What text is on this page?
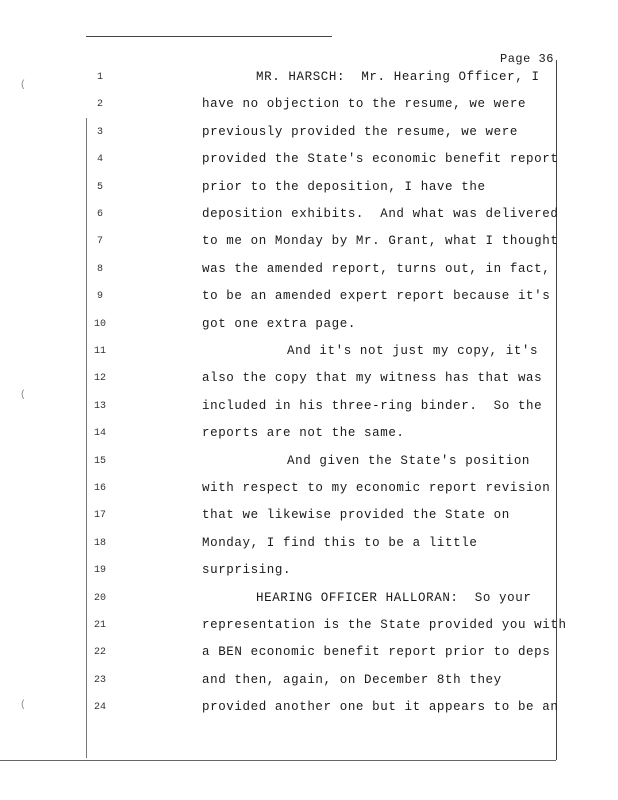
Page 36
1	MR. HARSCH:  Mr. Hearing Officer, I
2	have no objection to the resume, we were
3	previously provided the resume, we were
4	provided the State's economic benefit report
5	prior to the deposition, I have the
6	deposition exhibits.  And what was delivered
7	to me on Monday by Mr. Grant, what I thought
8	was the amended report, turns out, in fact,
9	to be an amended expert report because it's
10	got one extra page.
11	And it's not just my copy, it's
12	also the copy that my witness has that was
13	included in his three-ring binder.  So the
14	reports are not the same.
15	And given the State's position
16	with respect to my economic report revision
17	that we likewise provided the State on
18	Monday, I find this to be a little
19	surprising.
20	HEARING OFFICER HALLORAN:  So your
21	representation is the State provided you with
22	a BEN economic benefit report prior to deps
23	and then, again, on December 8th they
24	provided another one but it appears to be an
(
(
(
